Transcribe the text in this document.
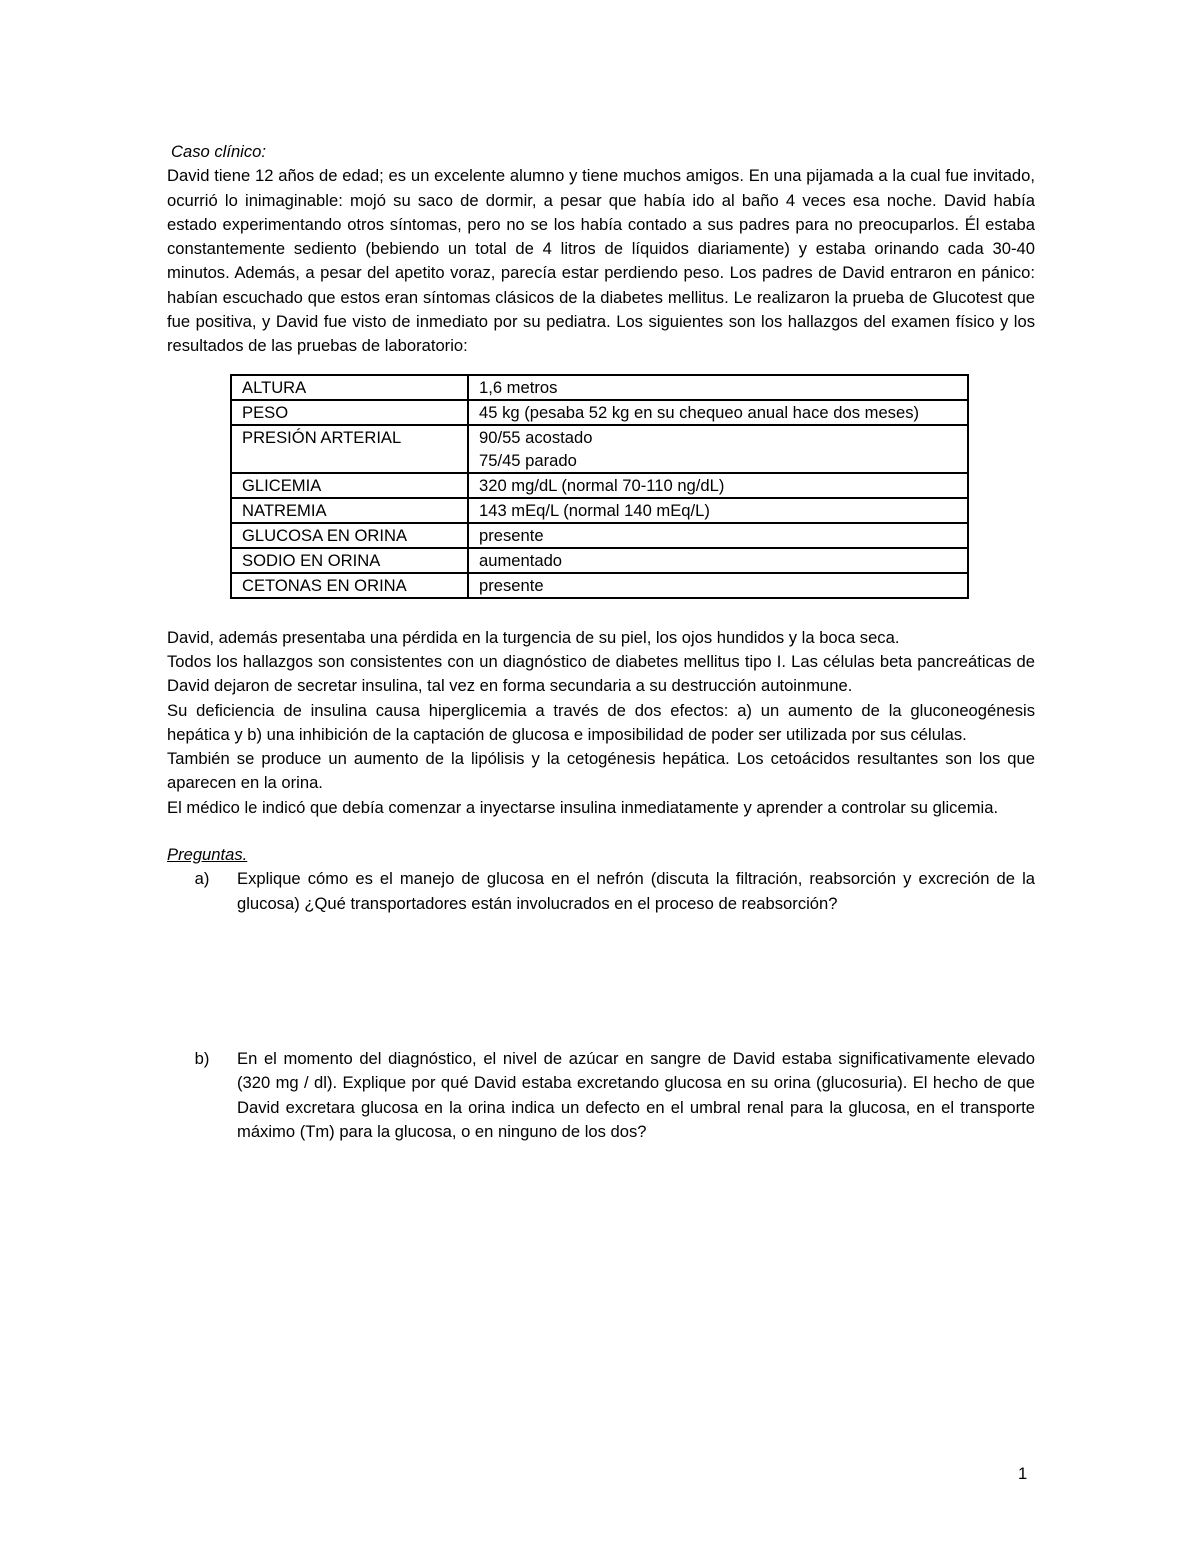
Caso clínico:

David tiene 12 años de edad; es un excelente alumno y tiene muchos amigos. En una pijamada a la cual fue invitado, ocurrió lo inimaginable: mojó su saco de dormir, a pesar que había ido al baño 4 veces esa noche. David había estado experimentando otros síntomas, pero no se los había contado a sus padres para no preocuparlos. Él estaba constantemente sediento (bebiendo un total de 4 litros de líquidos diariamente) y estaba orinando cada 30-40 minutos. Además, a pesar del apetito voraz, parecía estar perdiendo peso. Los padres de David entraron en pánico: habían escuchado que estos eran síntomas clásicos de la diabetes mellitus. Le realizaron la prueba de Glucotest que fue positiva, y David fue visto de inmediato por su pediatra. Los siguientes son los hallazgos del examen físico y los resultados de las pruebas de laboratorio:

ALTURA	1,6 metros
PESO	45 kg (pesaba 52 kg en su chequeo anual hace dos meses)
PRESIÓN ARTERIAL	90/55 acostado
75/45 parado

GLICEMIA	320 mg/dL (normal 70-110 ng/dL)
NATREMIA	143 mEq/L (normal 140 mEq/L)
GLUCOSA EN ORINA	presente
SODIO EN ORINA	aumentado
CETONAS EN ORINA	presente

David, además presentaba una pérdida en la turgencia de su piel, los ojos hundidos y la boca seca.

Todos los hallazgos son consistentes con un diagnóstico de diabetes mellitus tipo I. Las células beta pancreáticas de David dejaron de secretar insulina, tal vez en forma secundaria a su destrucción autoinmune.

Su deficiencia de insulina causa hiperglicemia a través de dos efectos: a) un aumento de la gluconeogénesis hepática y b) una inhibición de la captación de glucosa e imposibilidad de poder ser utilizada por sus células.

También se produce un aumento de la lipólisis y la cetogénesis hepática. Los cetoácidos resultantes son los que aparecen en la orina.

El médico le indicó que debía comenzar a inyectarse insulina inmediatamente y aprender a controlar su glicemia.

Preguntas.
a)	Explique cómo es el manejo de glucosa en el nefrón (discuta la filtración, reabsorción y excreción de la glucosa) ¿Qué transportadores están involucrados en el proceso de reabsorción?
b)	En el momento del diagnóstico, el nivel de azúcar en sangre de David estaba significativamente elevado (320 mg / dl). Explique por qué David estaba excretando glucosa en su orina (glucosuria). El hecho de que David excretara glucosa en la orina indica un defecto en el umbral renal para la glucosa, en el transporte máximo (Tm) para la glucosa, o en ninguno de los dos?
1
